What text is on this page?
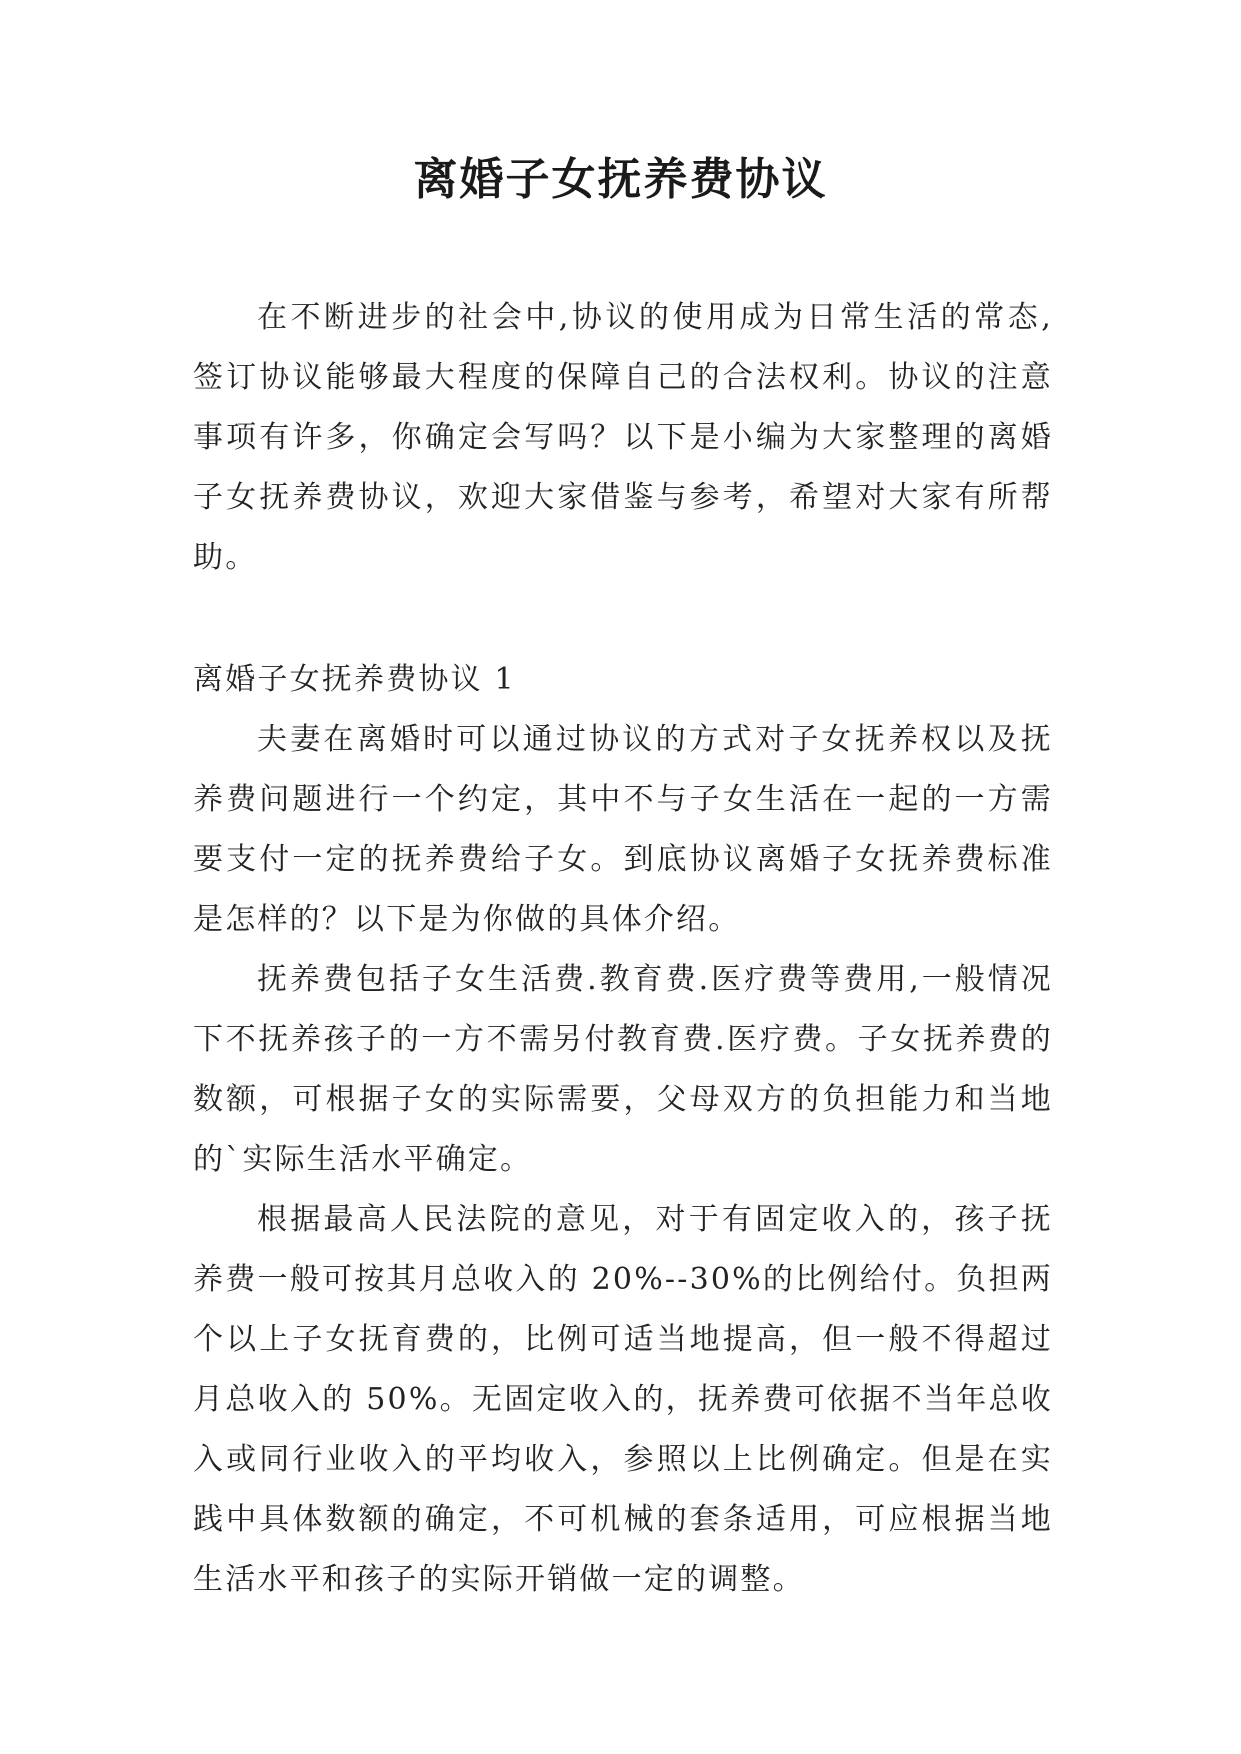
离婚子女抚养费协议

在不断进步的社会中,协议的使用成为日常生活的常态,签订协议能够最大程度的保障自己的合法权利。协议的注意事项有许多，你确定会写吗？以下是小编为大家整理的离婚子女抚养费协议，欢迎大家借鉴与参考，希望对大家有所帮助。

离婚子女抚养费协议 1

夫妻在离婚时可以通过协议的方式对子女抚养权以及抚养费问题进行一个约定，其中不与子女生活在一起的一方需要支付一定的抚养费给子女。到底协议离婚子女抚养费标准是怎样的？以下是为你做的具体介绍。

抚养费包括子女生活费.教育费.医疗费等费用,一般情况下不抚养孩子的一方不需另付教育费.医疗费。子女抚养费的数额，可根据子女的实际需要，父母双方的负担能力和当地的`实际生活水平确定。

根据最高人民法院的意见，对于有固定收入的，孩子抚养费一般可按其月总收入的 20%--30%的比例给付。负担两个以上子女抚育费的，比例可适当地提高，但一般不得超过月总收入的 50%。无固定收入的，抚养费可依据不当年总收入或同行业收入的平均收入，参照以上比例确定。但是在实践中具体数额的确定，不可机械的套条适用，可应根据当地生活水平和孩子的实际开销做一定的调整。
